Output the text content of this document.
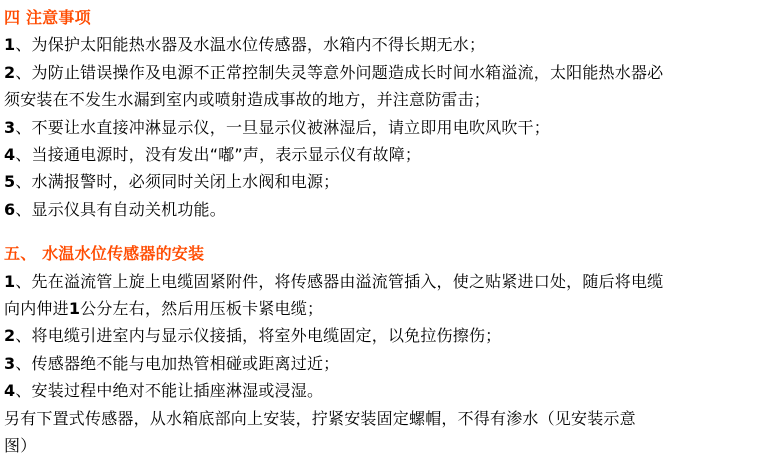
四 注意事项
1、为保护太阳能热水器及水温水位传感器，水箱内不得长期无水；
2、为防止错误操作及电源不正常控制失灵等意外问题造成长时间水箱溢流，太阳能热水器必
须安装在不发生水漏到室内或喷射造成事故的地方，并注意防雷击；
3、不要让水直接冲淋显示仪，一旦显示仪被淋湿后，请立即用电吹风吹干；
4、当接通电源时，没有发出“嘟”声，表示显示仪有故障；
5、水满报警时，必须同时关闭上水阀和电源；
6、显示仪具有自动关机功能。
五、 水温水位传感器的安装
1、先在溢流管上旋上电缆固紧附件，将传感器由溢流管插入，使之贴紧进口处，随后将电缆
向内伸进1公分左右，然后用压板卡紧电缆；
2、将电缆引进室内与显示仪接插，将室外电缆固定，以免拉伤擦伤；
3、传感器绝不能与电加热管相碰或距离过近；
4、安装过程中绝对不能让插座淋湿或浸湿。
另有下置式传感器，从水箱底部向上安装，拧紧安装固定螺帽，不得有渗水（见安装示意
图）
